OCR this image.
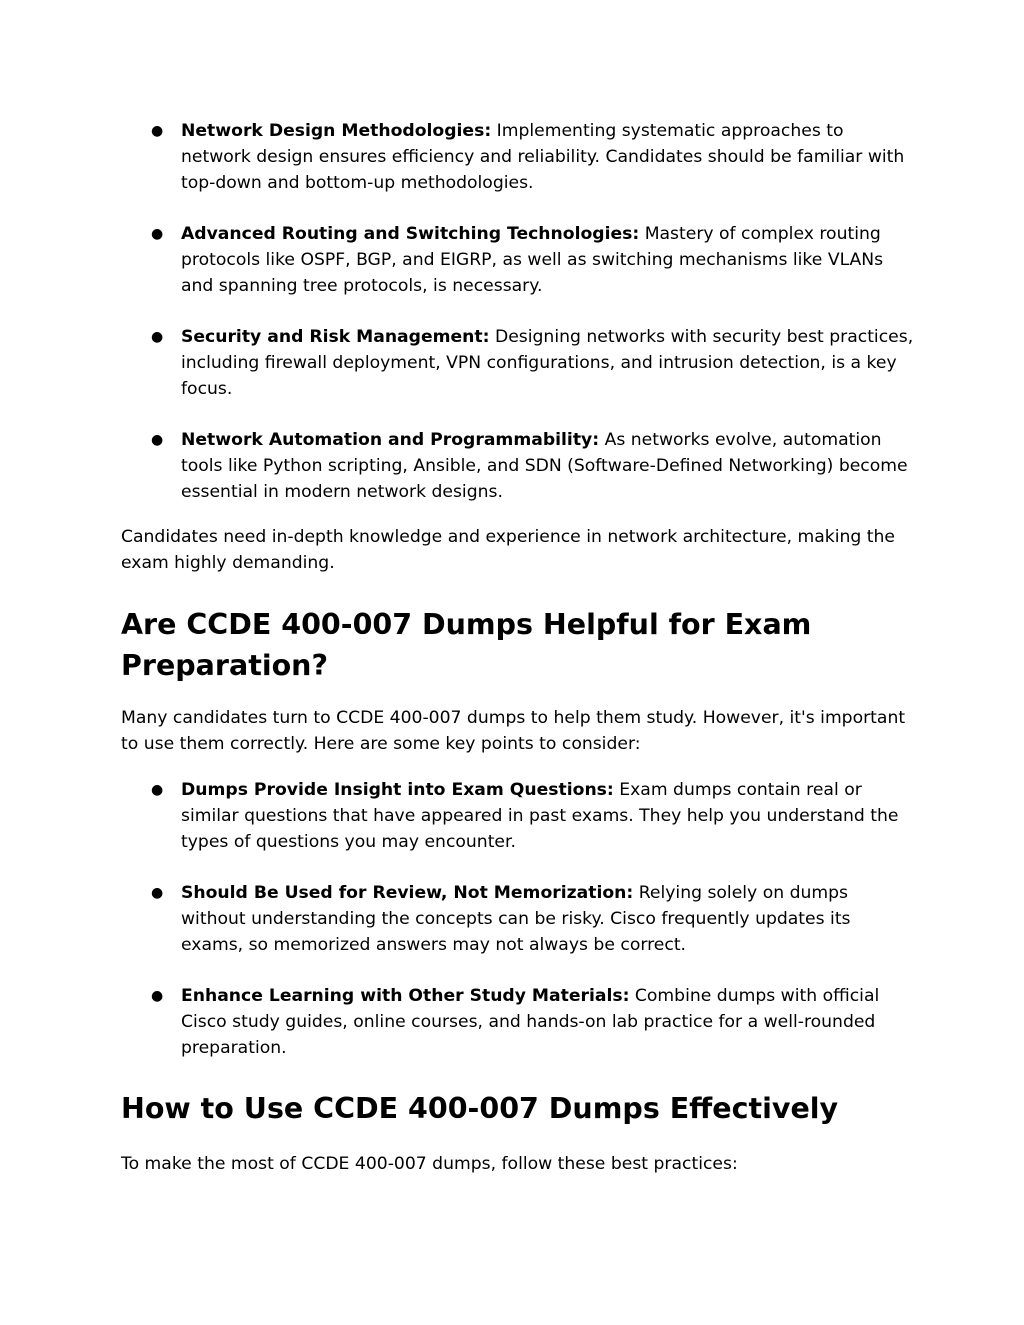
● Network Design Methodologies: Implementing systematic approaches to network design ensures efficiency and reliability. Candidates should be familiar with top-down and bottom-up methodologies.
● Advanced Routing and Switching Technologies: Mastery of complex routing protocols like OSPF, BGP, and EIGRP, as well as switching mechanisms like VLANs and spanning tree protocols, is necessary.
● Security and Risk Management: Designing networks with security best practices, including firewall deployment, VPN configurations, and intrusion detection, is a key focus.
● Network Automation and Programmability: As networks evolve, automation tools like Python scripting, Ansible, and SDN (Software-Defined Networking) become essential in modern network designs.

Candidates need in-depth knowledge and experience in network architecture, making the exam highly demanding.

Are CCDE 400-007 Dumps Helpful for Exam Preparation?

Many candidates turn to CCDE 400-007 dumps to help them study. However, it's important to use them correctly. Here are some key points to consider:

● Dumps Provide Insight into Exam Questions: Exam dumps contain real or similar questions that have appeared in past exams. They help you understand the types of questions you may encounter.
● Should Be Used for Review, Not Memorization: Relying solely on dumps without understanding the concepts can be risky. Cisco frequently updates its exams, so memorized answers may not always be correct.
● Enhance Learning with Other Study Materials: Combine dumps with official Cisco study guides, online courses, and hands-on lab practice for a well-rounded preparation.
How to Use CCDE 400-007 Dumps Effectively

To make the most of CCDE 400-007 dumps, follow these best practices:
